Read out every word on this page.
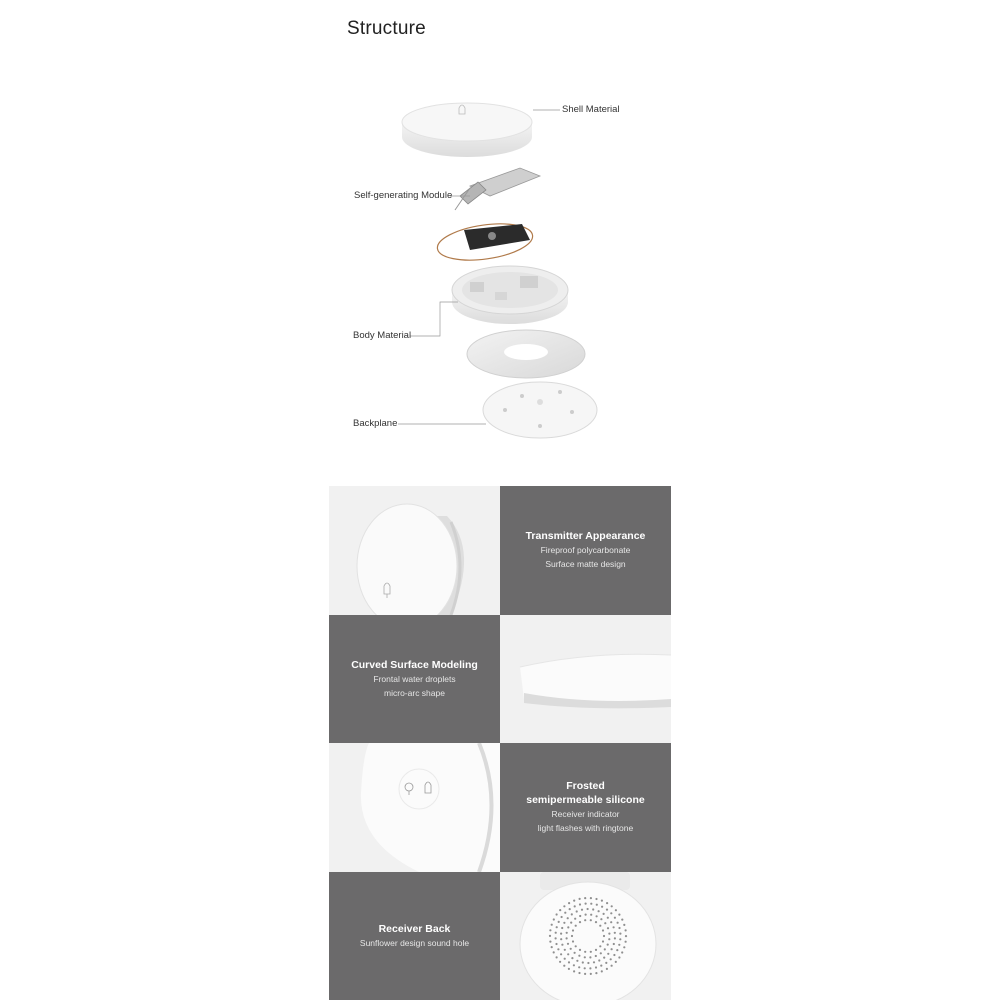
Structure
Shell Material
Self-generating Module
Body Material
Backplane
Transmitter Appearance
Fireproof polycarbonate
Surface matte design
Curved Surface Modeling
Frontal water droplets
micro-arc shape
Frosted
semipermeable silicone
Receiver indicator
light flashes with ringtone
Receiver Back
Sunflower design sound hole
